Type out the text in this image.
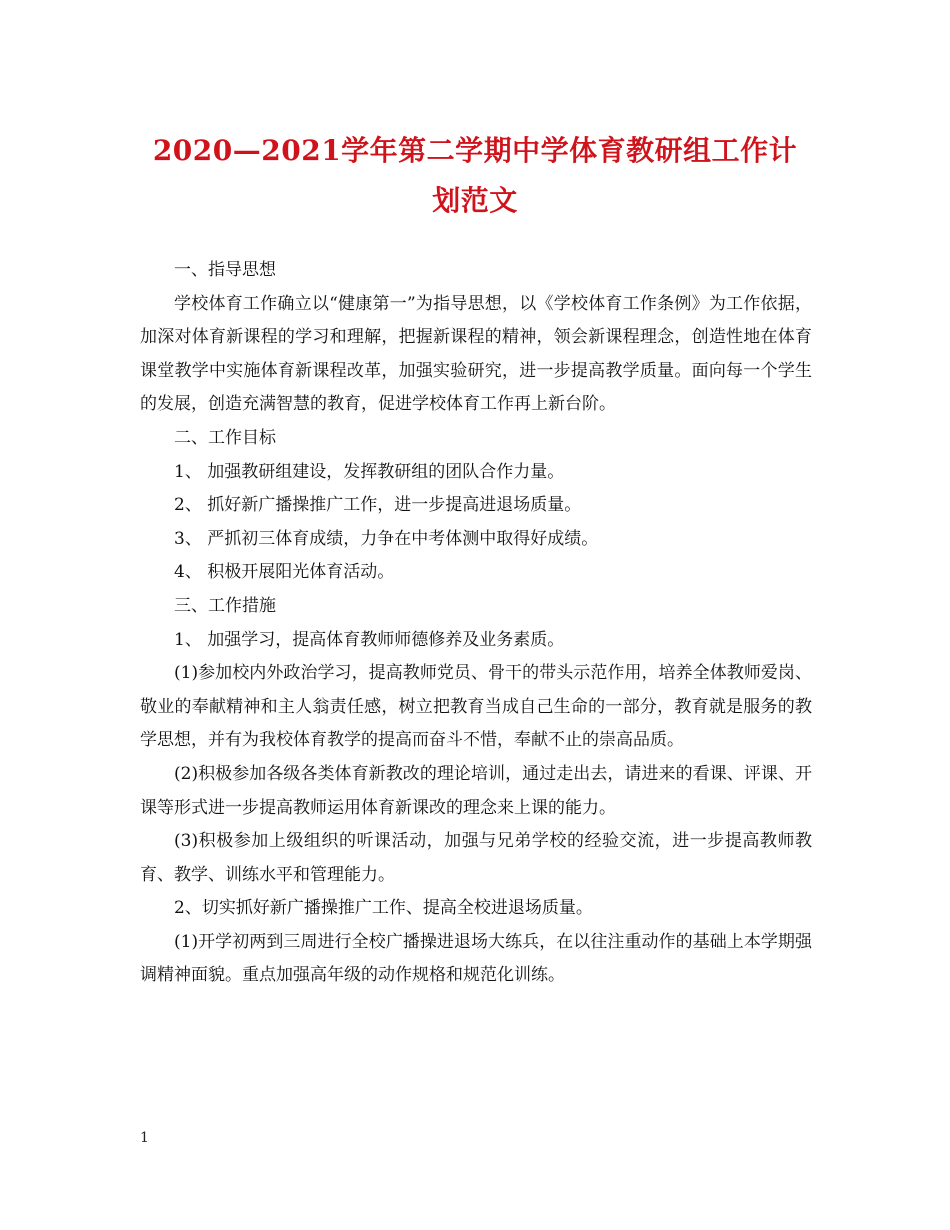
2020—2021学年第二学期中学体育教研组工作计划范文

一、指导思想

学校体育工作确立以“健康第一”为指导思想，以《学校体育工作条例》为工作依据，加深对体育新课程的学习和理解，把握新课程的精神，领会新课程理念，创造性地在体育课堂教学中实施体育新课程改革，加强实验研究，进一步提高教学质量。面向每一个学生的发展，创造充满智慧的教育，促进学校体育工作再上新台阶。

二、工作目标

1、 加强教研组建设，发挥教研组的团队合作力量。

2、 抓好新广播操推广工作，进一步提高进退场质量。

3、 严抓初三体育成绩，力争在中考体测中取得好成绩。

4、 积极开展阳光体育活动。

三、工作措施

1、 加强学习，提高体育教师师德修养及业务素质。

(1)参加校内外政治学习，提高教师党员、骨干的带头示范作用，培养全体教师爱岗、敬业的奉献精神和主人翁责任感，树立把教育当成自己生命的一部分，教育就是服务的教学思想，并有为我校体育教学的提高而奋斗不惜，奉献不止的崇高品质。

(2)积极参加各级各类体育新教改的理论培训，通过走出去，请进来的看课、评课、开课等形式进一步提高教师运用体育新课改的理念来上课的能力。

(3)积极参加上级组织的听课活动，加强与兄弟学校的经验交流，进一步提高教师教育、教学、训练水平和管理能力。

2、切实抓好新广播操推广工作、提高全校进退场质量。

(1)开学初两到三周进行全校广播操进退场大练兵，在以往注重动作的基础上本学期强调精神面貌。重点加强高年级的动作规格和规范化训练。

1
